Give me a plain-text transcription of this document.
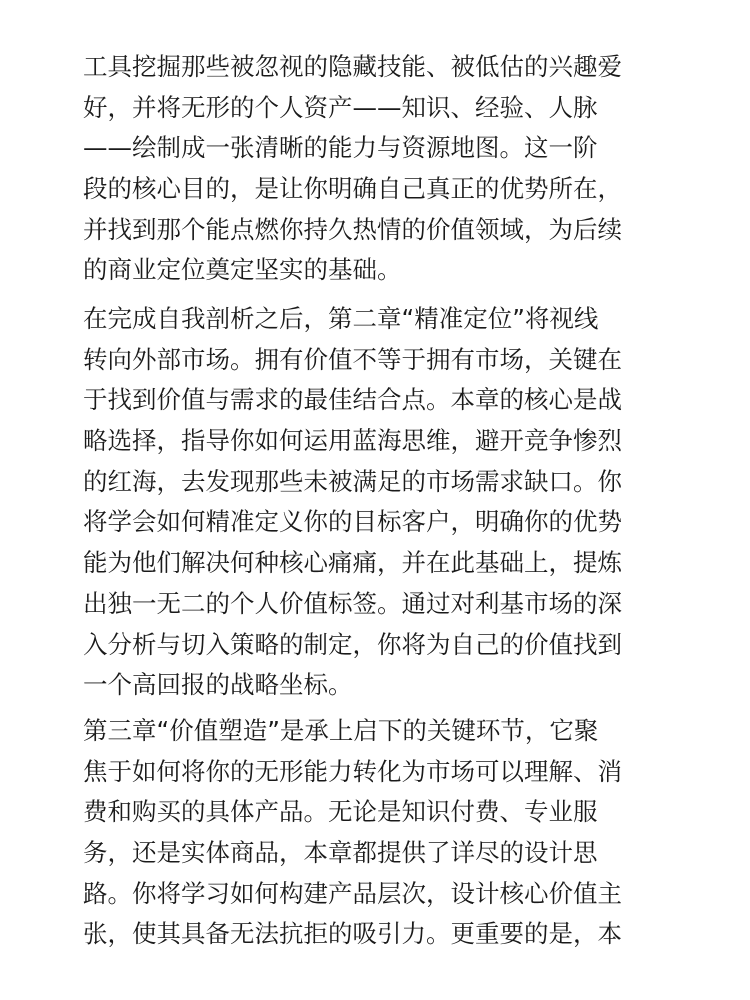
工具挖掘那些被忽视的隐藏技能、被低估的兴趣爱
好，并将无形的个人资产——知识、经验、人脉
——绘制成一张清晰的能力与资源地图。这一阶
段的核心目的，是让你明确自己真正的优势所在，
并找到那个能点燃你持久热情的价值领域，为后续
的商业定位奠定坚实的基础。
在完成自我剖析之后，第二章“精准定位”将视线
转向外部市场。拥有价值不等于拥有市场，关键在
于找到价值与需求的最佳结合点。本章的核心是战
略选择，指导你如何运用蓝海思维，避开竞争惨烈
的红海，去发现那些未被满足的市场需求缺口。你
将学会如何精准定义你的目标客户，明确你的优势
能为他们解决何种核心痛痛，并在此基础上，提炼
出独一无二的个人价值标签。通过对利基市场的深
入分析与切入策略的制定，你将为自己的价值找到
一个高回报的战略坐标。
第三章“价值塑造”是承上启下的关键环节，它聚
焦于如何将你的无形能力转化为市场可以理解、消
费和购买的具体产品。无论是知识付费、专业服
务，还是实体商品，本章都提供了详尽的设计思
路。你将学习如何构建产品层次，设计核心价值主
张，使其具备无法抗拒的吸引力。更重要的是，本
